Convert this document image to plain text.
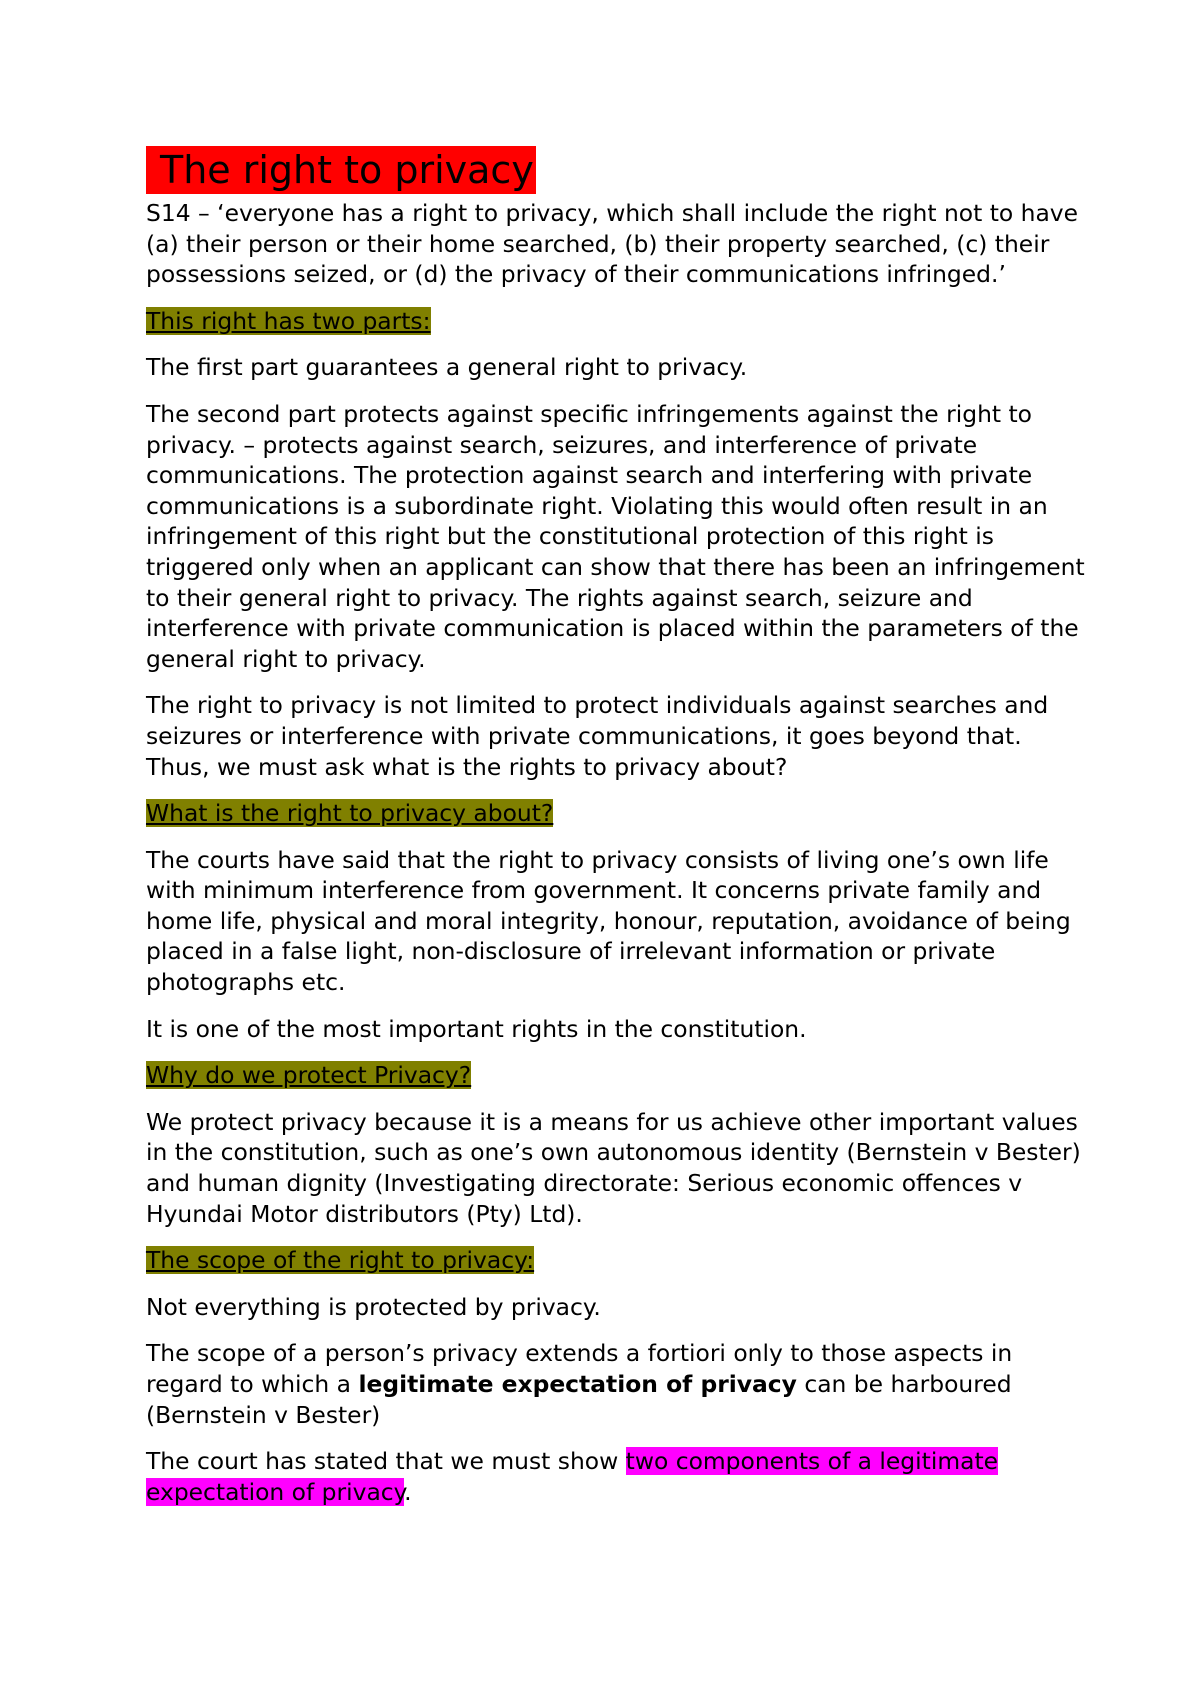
The right to privacy

S14 – ‘everyone has a right to privacy, which shall include the right not to have (a) their person or their home searched, (b) their property searched, (c) their possessions seized, or (d) the privacy of their communications infringed.’

This right has two parts:

The first part guarantees a general right to privacy.

The second part protects against specific infringements against the right to privacy. – protects against search, seizures, and interference of private communications. The protection against search and interfering with private communications is a subordinate right. Violating this would often result in an infringement of this right but the constitutional protection of this right is triggered only when an applicant can show that there has been an infringement to their general right to privacy. The rights against search, seizure and interference with private communication is placed within the parameters of the general right to privacy.

The right to privacy is not limited to protect individuals against searches and seizures or interference with private communications, it goes beyond that. Thus, we must ask what is the rights to privacy about?

What is the right to privacy about?

The courts have said that the right to privacy consists of living one’s own life with minimum interference from government. It concerns private family and home life, physical and moral integrity, honour, reputation, avoidance of being placed in a false light, non-disclosure of irrelevant information or private photographs etc.

It is one of the most important rights in the constitution.

Why do we protect Privacy?

We protect privacy because it is a means for us achieve other important values in the constitution, such as one’s own autonomous identity (Bernstein v Bester) and human dignity (Investigating directorate: Serious economic offences v Hyundai Motor distributors (Pty) Ltd).

The scope of the right to privacy:

Not everything is protected by privacy.

The scope of a person’s privacy extends a fortiori only to those aspects in regard to which a legitimate expectation of privacy can be harboured (Bernstein v Bester)

The court has stated that we must show two components of a legitimate expectation of privacy.
